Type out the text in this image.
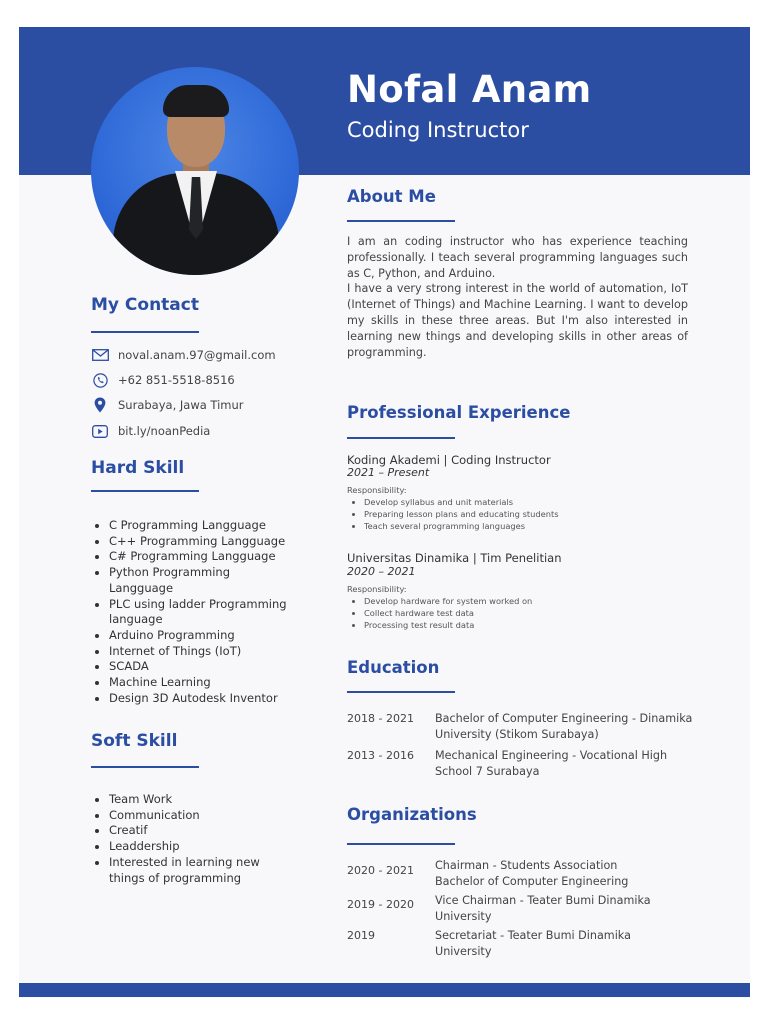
Nofal Anam
Coding Instructor
My Contact
noval.anam.97@gmail.com
+62 851-5518-8516
Surabaya, Jawa Timur
bit.ly/noanPedia
Hard Skill
• C Programming Langguage
• C++ Programming Langguage
• C# Programming Langguage
• Python Programming Langguage
• PLC using ladder Programming language
• Arduino Programming
• Internet of Things (IoT)
• SCADA
• Machine Learning
• Design 3D Autodesk Inventor
Soft Skill
• Team Work
• Communication
• Creatif
• Leaddership
• Interested in learning new things of programming
About Me

I am an coding instructor who has experience teaching professionally. I teach several programming languages such as C, Python, and Arduino.

I have a very strong interest in the world of automation, IoT (Internet of Things) and Machine Learning. I want to develop my skills in these three areas. But I'm also interested in learning new things and developing skills in other areas of programming.

Professional Experience
Koding Akademi | Coding Instructor
2021 – Present
Responsibility:
• Develop syllabus and unit materials
• Preparing lesson plans and educating students
• Teach several programming languages
Universitas Dinamika | Tim Penelitian
2020 – 2021
Responsibility:
• Develop hardware for system worked on
• Collect hardware test data
• Processing test result data
Education
2018 - 2021 Bachelor of Computer Engineering - Dinamika University (Stikom Surabaya)
2013 - 2016 Mechanical Engineering - Vocational High School 7 Surabaya
Organizations
2020 - 2021 Chairman - Students Association Bachelor of Computer Engineering
2019 - 2020 Vice Chairman - Teater Bumi Dinamika University
2019	Secretariat - Teater Bumi Dinamika University
